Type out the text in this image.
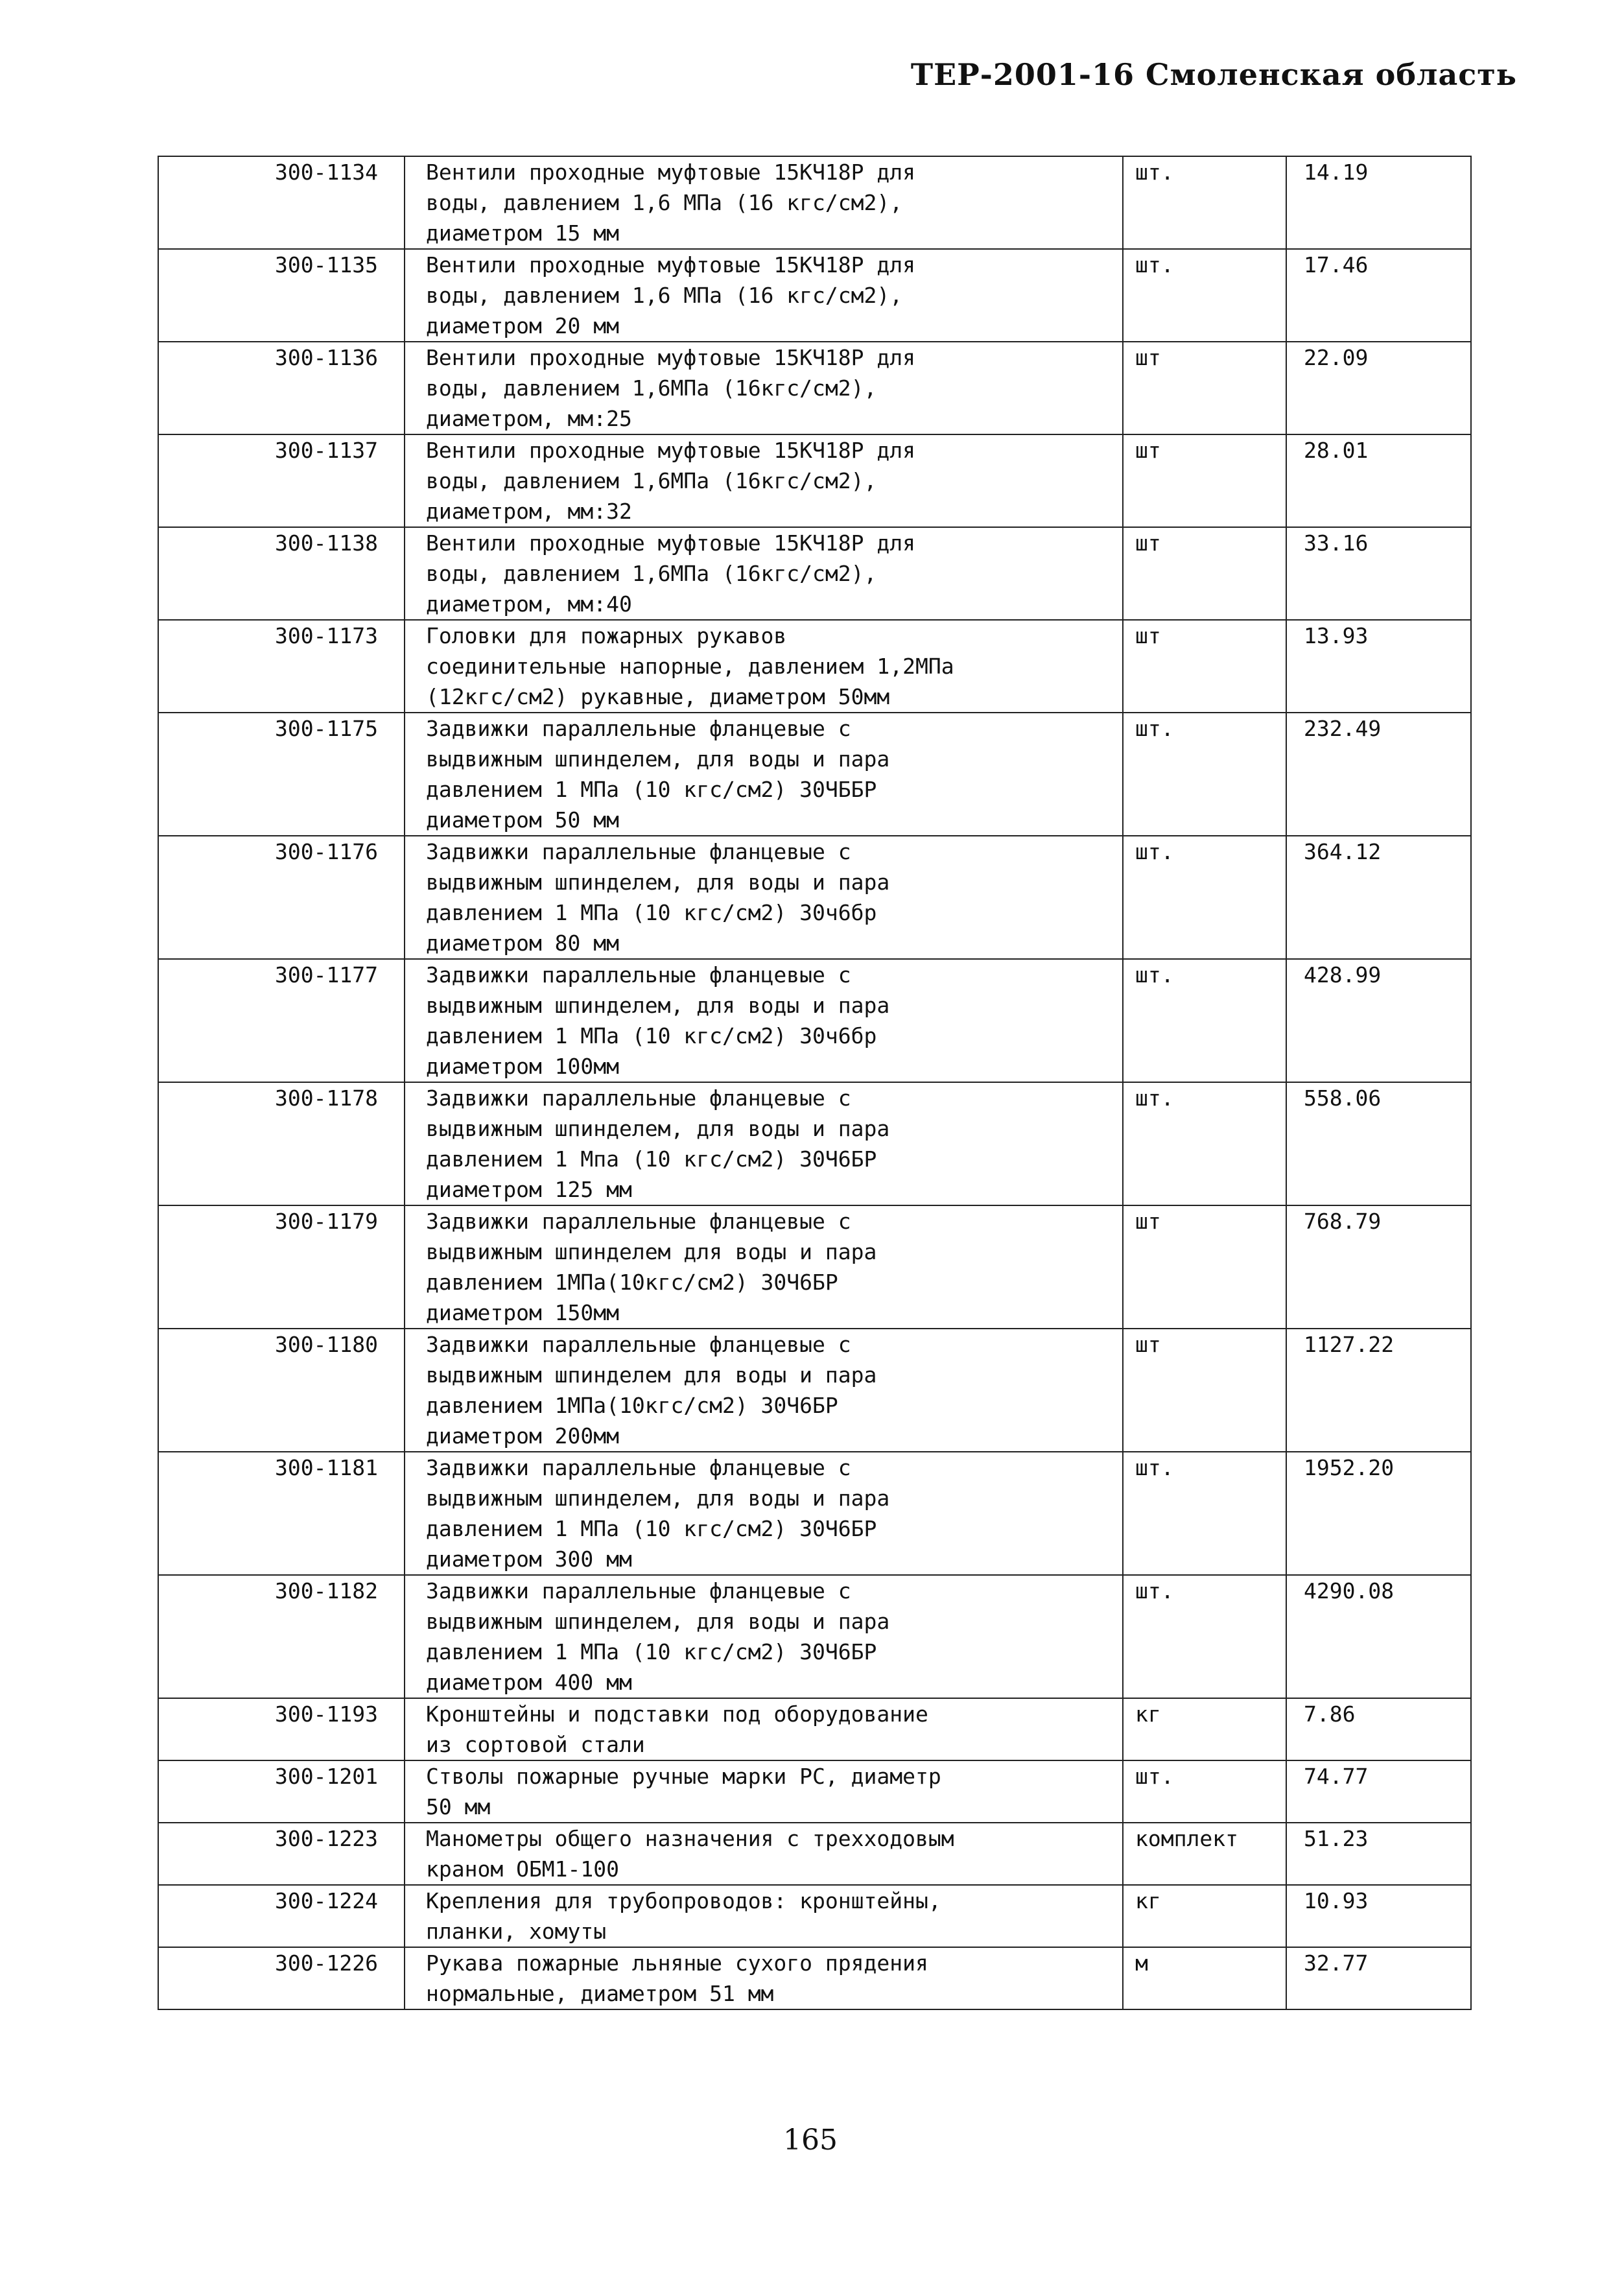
ТЕР-2001-16 Смоленская область
300-1134	Вентили проходные муфтовые 15КЧ18Р для
воды, давлением 1,6 МПа (16 кгс/см2),
диаметром 15 мм	шт.	14.19
300-1135	Вентили проходные муфтовые 15КЧ18Р для
воды, давлением 1,6 МПа (16 кгс/см2),
диаметром 20 мм	шт.	17.46
300-1136	Вентили проходные муфтовые 15КЧ18Р для
воды, давлением 1,6МПа (16кгс/см2),
диаметром, мм:25	шт	22.09
300-1137	Вентили проходные муфтовые 15КЧ18Р для
воды, давлением 1,6МПа (16кгс/см2),
диаметром, мм:32	шт	28.01
300-1138	Вентили проходные муфтовые 15КЧ18Р для
воды, давлением 1,6МПа (16кгс/см2),
диаметром, мм:40	шт	33.16
300-1173	Головки для пожарных рукавов
соединительные напорные, давлением 1,2МПа
(12кгс/см2) рукавные, диаметром 50мм	шт	13.93
300-1175	Задвижки параллельные фланцевые с
выдвижным шпинделем, для воды и пара
давлением 1 МПа (10 кгс/см2) 30ЧББР
диаметром 50 мм	шт.	232.49
300-1176	Задвижки параллельные фланцевые с
выдвижным шпинделем, для воды и пара
давлением 1 МПа (10 кгс/см2) 30ч6бр
диаметром 80 мм	шт.	364.12
300-1177	Задвижки параллельные фланцевые с
выдвижным шпинделем, для воды и пара
давлением 1 МПа (10 кгс/см2) 30ч6бр
диаметром 100мм	шт.	428.99
300-1178	Задвижки параллельные фланцевые с
выдвижным шпинделем, для воды и пара
давлением 1 Мпа (10 кгс/см2) 30Ч6БР
диаметром 125 мм	шт.	558.06
300-1179	Задвижки параллельные фланцевые с
выдвижным шпинделем для воды и пара
давлением 1МПа(10кгс/см2) 30Ч6БР
диаметром 150мм	шт	768.79
300-1180	Задвижки параллельные фланцевые с
выдвижным шпинделем для воды и пара
давлением 1МПа(10кгс/см2) 30Ч6БР
диаметром 200мм	шт	1127.22
300-1181	Задвижки параллельные фланцевые с
выдвижным шпинделем, для воды и пара
давлением 1 МПа (10 кгс/см2) 30Ч6БР
диаметром 300 мм	шт.	1952.20
300-1182	Задвижки параллельные фланцевые с
выдвижным шпинделем, для воды и пара
давлением 1 МПа (10 кгс/см2) 30Ч6БР
диаметром 400 мм	шт.	4290.08
300-1193	Кронштейны и подставки под оборудование
из сортовой стали	кг	7.86
300-1201	Стволы пожарные ручные марки РС, диаметр
50 мм	шт.	74.77
300-1223	Манометры общего назначения с трехходовым
краном ОБМ1-100	комплект	51.23
300-1224	Крепления для трубопроводов: кронштейны,
планки, хомуты	кг	10.93
300-1226	Рукава пожарные льняные сухого прядения
нормальные, диаметром 51 мм	м	32.77
165
